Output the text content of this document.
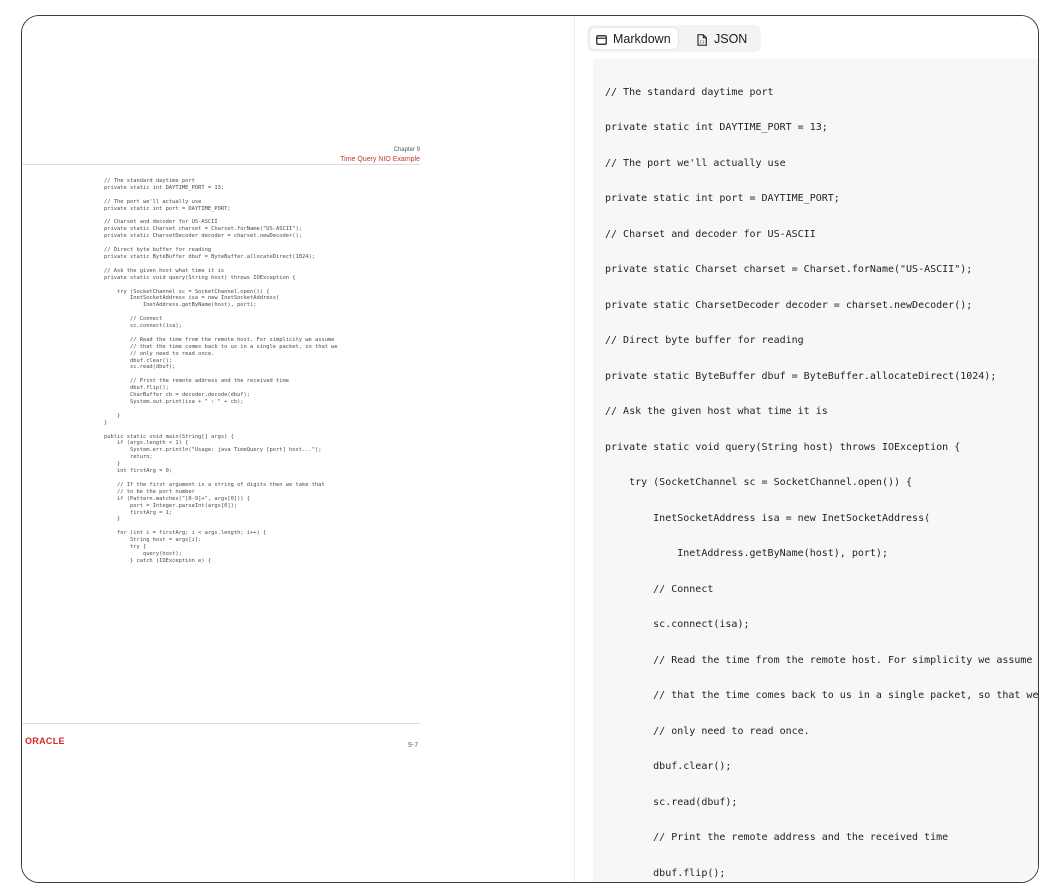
Chapter 9
Time Query NIO Example
// The standard daytime port
private static int DAYTIME_PORT = 13;

// The port we'll actually use
private static int port = DAYTIME_PORT;

// Charset and decoder for US-ASCII
private static Charset charset = Charset.forName("US-ASCII");
private static CharsetDecoder decoder = charset.newDecoder();

// Direct byte buffer for reading
private static ByteBuffer dbuf = ByteBuffer.allocateDirect(1024);

// Ask the given host what time it is
private static void query(String host) throws IOException {

try (SocketChannel sc = SocketChannel.open()) {
InetSocketAddress isa = new InetSocketAddress(
InetAddress.getByName(host), port);

// Connect
sc.connect(isa);

// Read the time from the remote host. For simplicity we assume
// that the time comes back to us in a single packet, so that we
// only need to read once.
dbuf.clear();
sc.read(dbuf);

// Print the remote address and the received time
dbuf.flip();
CharBuffer cb = decoder.decode(dbuf);
System.out.print(isa + " : " + cb);

}
}

public static void main(String[] args) {
if (args.length < 1) {
System.err.println("Usage: java TimeQuery [port] host...");
return;
}
int firstArg = 0;

// If the first argument is a string of digits then we take that
// to be the port number
if (Pattern.matches("[0-9]+", args[0])) {
port = Integer.parseInt(args[0]);
firstArg = 1;
}

for (int i = firstArg; i < args.length; i++) {
String host = args[i];
try {
query(host);
} catch (IOException e) {
ORACLE	9-7
Markdown	{} JSON
// The standard daytime port
private static int DAYTIME_PORT = 13;
// The port we'll actually use
private static int port = DAYTIME_PORT;
// Charset and decoder for US-ASCII
private static Charset charset = Charset.forName("US-ASCII");
private static CharsetDecoder decoder = charset.newDecoder();
// Direct byte buffer for reading
private static ByteBuffer dbuf = ByteBuffer.allocateDirect(1024);
// Ask the given host what time it is
private static void query(String host) throws IOException {
try (SocketChannel sc = SocketChannel.open()) {
InetSocketAddress isa = new InetSocketAddress(
InetAddress.getByName(host), port);
// Connect
sc.connect(isa);
// Read the time from the remote host. For simplicity we assume
// that the time comes back to us in a single packet, so that we
// only need to read once.
dbuf.clear();
sc.read(dbuf);
// Print the remote address and the received time
dbuf.flip();
